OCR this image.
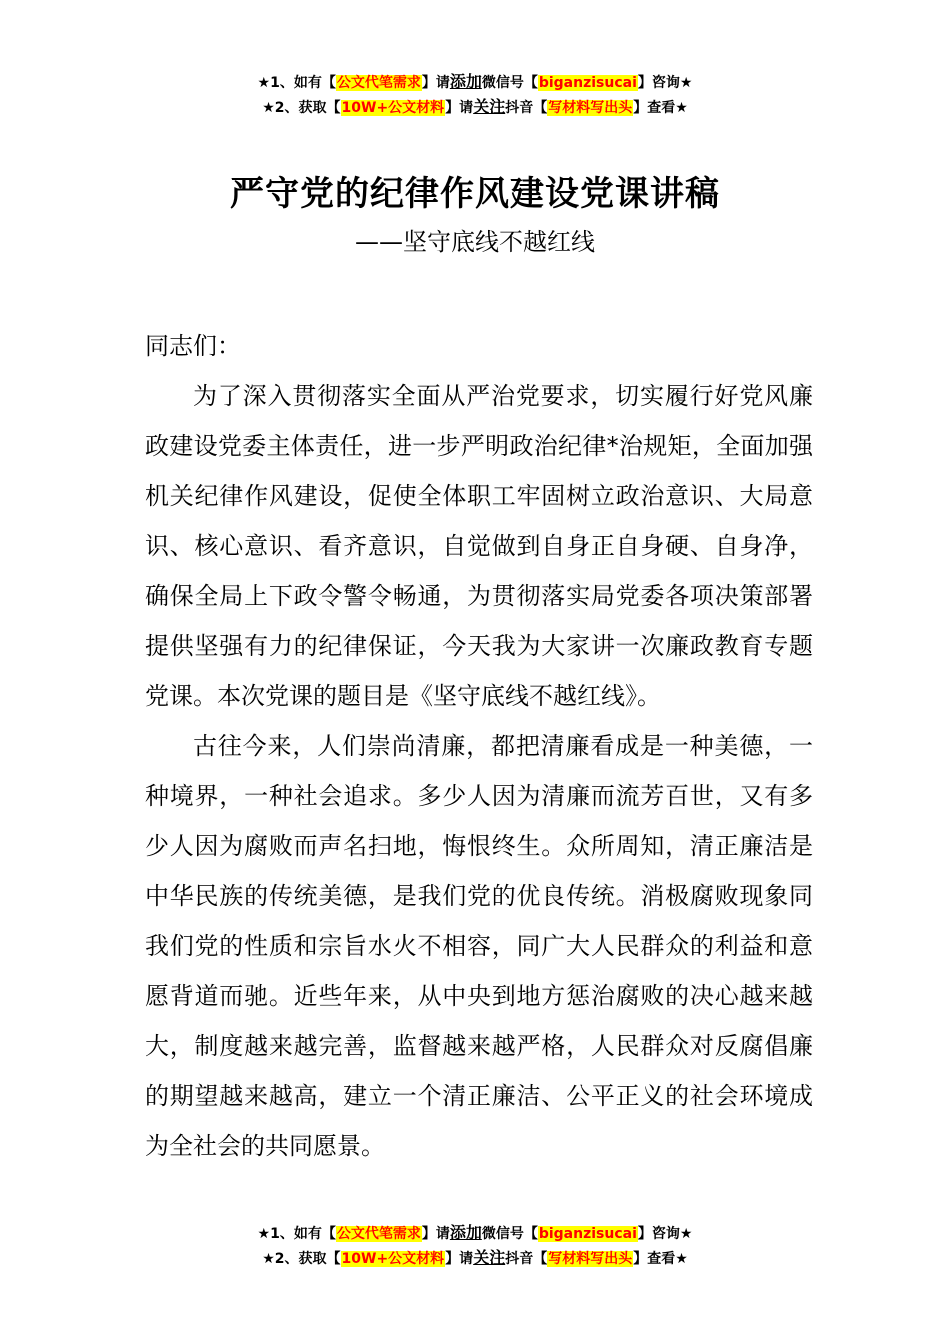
★1、如有【公文代笔需求】请添加微信号【biganzisucai】咨询★
★2、获取【10W+公文材料】请关注抖音【写材料写出头】查看★
严守党的纪律作风建设党课讲稿
——坚守底线不越红线

同志们：

为了深入贯彻落实全面从严治党要求，切实履行好党风廉政建设党委主体责任，进一步严明政治纪律*治规矩，全面加强机关纪律作风建设，促使全体职工牢固树立政治意识、大局意识、核心意识、看齐意识，自觉做到自身正自身硬、自身净，确保全局上下政令警令畅通，为贯彻落实局党委各项决策部署提供坚强有力的纪律保证，今天我为大家讲一次廉政教育专题党课。本次党课的题目是《坚守底线不越红线》。

古往今来，人们崇尚清廉，都把清廉看成是一种美德，一种境界，一种社会追求。多少人因为清廉而流芳百世，又有多少人因为腐败而声名扫地，悔恨终生。众所周知，清正廉洁是中华民族的传统美德，是我们党的优良传统。消极腐败现象同我们党的性质和宗旨水火不相容，同广大人民群众的利益和意愿背道而驰。近些年来，从中央到地方惩治腐败的决心越来越大，制度越来越完善，监督越来越严格，人民群众对反腐倡廉的期望越来越高，建立一个清正廉洁、公平正义的社会环境成为全社会的共同愿景。

★1、如有【公文代笔需求】请添加微信号【biganzisucai】咨询★
★2、获取【10W+公文材料】请关注抖音【写材料写出头】查看★
